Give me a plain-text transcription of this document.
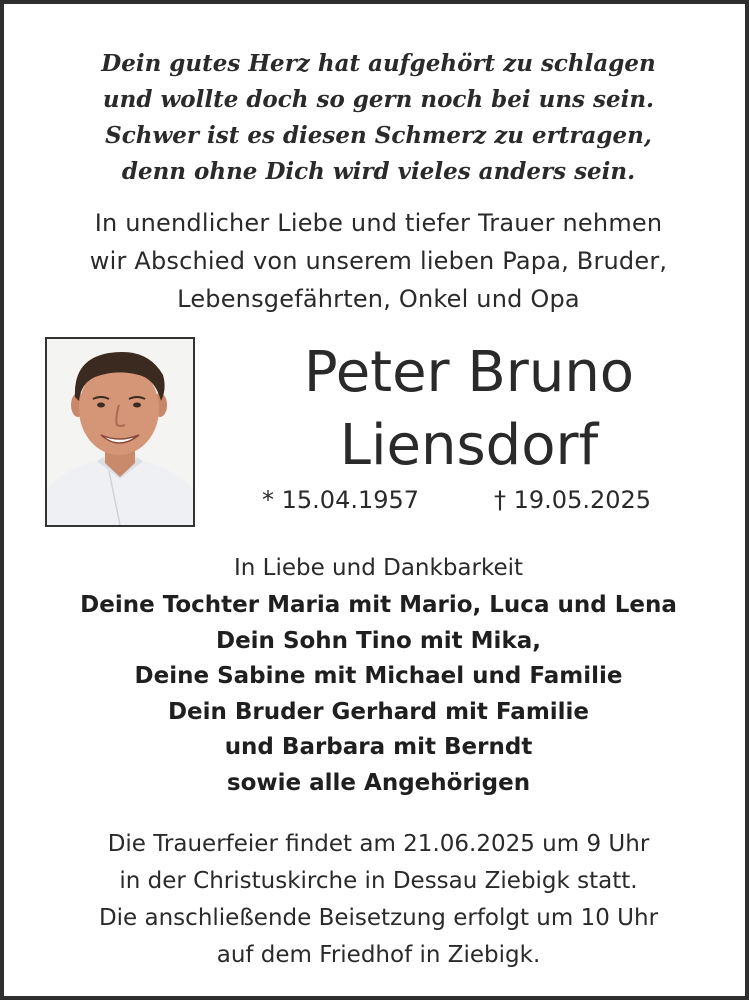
Dein gutes Herz hat aufgehört zu schlagen
und wollte doch so gern noch bei uns sein.
Schwer ist es diesen Schmerz zu ertragen,
denn ohne Dich wird vieles anders sein.
In unendlicher Liebe und tiefer Trauer nehmen
wir Abschied von unserem lieben Papa, Bruder,
Lebensgefährten, Onkel und Opa
Peter Bruno
Liensdorf
* 15.04.1957	† 19.05.2025
In Liebe und Dankbarkeit
Deine Tochter Maria mit Mario, Luca und Lena
Dein Sohn Tino mit Mika,
Deine Sabine mit Michael und Familie
Dein Bruder Gerhard mit Familie
und Barbara mit Berndt
sowie alle Angehörigen
Die Trauerfeier findet am 21.06.2025 um 9 Uhr
in der Christuskirche in Dessau Ziebigk statt.
Die anschließende Beisetzung erfolgt um 10 Uhr
auf dem Friedhof in Ziebigk.
